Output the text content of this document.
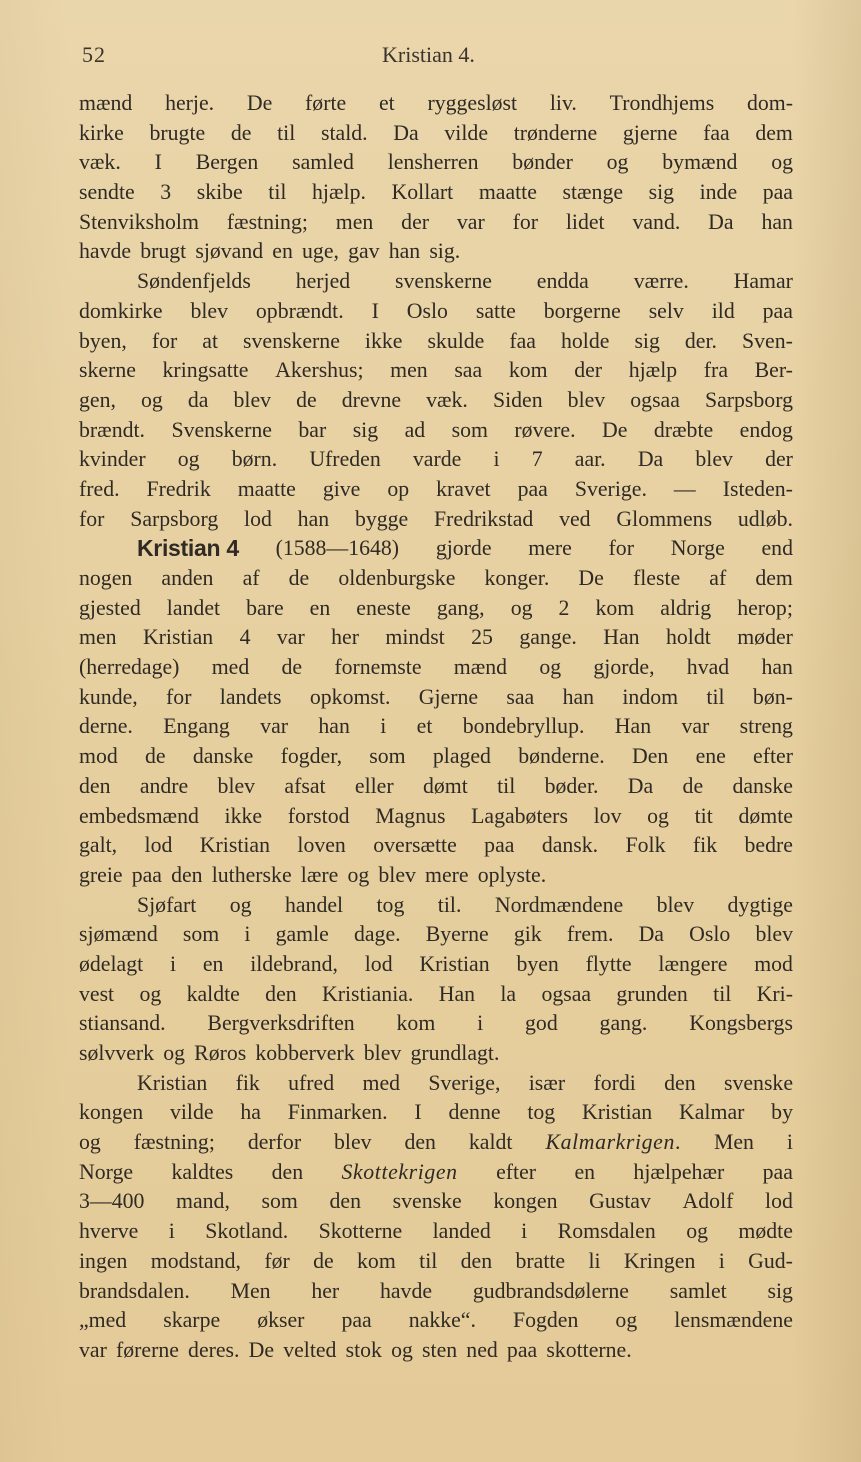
52	Kristian 4.
mænd herje. De førte et ryggesløst liv. Trondhjems dom-
kirke brugte de til stald. Da vilde trønderne gjerne faa dem
væk. I Bergen samled lensherren bønder og bymænd og
sendte 3 skibe til hjælp. Kollart maatte stænge sig inde paa
Stenviksholm fæstning; men der var for lidet vand. Da han
havde brugt sjøvand en uge, gav han sig.
Søndenfjelds herjed svenskerne endda værre. Hamar
domkirke blev opbrændt. I Oslo satte borgerne selv ild paa
byen, for at svenskerne ikke skulde faa holde sig der. Sven-
skerne kringsatte Akershus; men saa kom der hjælp fra Ber-
gen, og da blev de drevne væk. Siden blev ogsaa Sarpsborg
brændt. Svenskerne bar sig ad som røvere. De dræbte endog
kvinder og børn. Ufreden varde i 7 aar. Da blev der
fred. Fredrik maatte give op kravet paa Sverige. — Isteden-
for Sarpsborg lod han bygge Fredrikstad ved Glommens udløb.
Kristian 4 (1588—1648) gjorde mere for Norge end
nogen anden af de oldenburgske konger. De fleste af dem
gjested landet bare en eneste gang, og 2 kom aldrig herop;
men Kristian 4 var her mindst 25 gange. Han holdt møder
(herredage) med de fornemste mænd og gjorde, hvad han
kunde, for landets opkomst. Gjerne saa han indom til bøn-
derne. Engang var han i et bondebryllup. Han var streng
mod de danske fogder, som plaged bønderne. Den ene efter
den andre blev afsat eller dømt til bøder. Da de danske
embedsmænd ikke forstod Magnus Lagabøters lov og tit dømte
galt, lod Kristian loven oversætte paa dansk. Folk fik bedre
greie paa den lutherske lære og blev mere oplyste.
Sjøfart og handel tog til. Nordmændene blev dygtige
sjømænd som i gamle dage. Byerne gik frem. Da Oslo blev
ødelagt i en ildebrand, lod Kristian byen flytte længere mod
vest og kaldte den Kristiania. Han la ogsaa grunden til Kri-
stiansand. Bergverksdriften kom i god gang. Kongsbergs
sølvverk og Røros kobberverk blev grundlagt.
Kristian fik ufred med Sverige, især fordi den svenske
kongen vilde ha Finmarken. I denne tog Kristian Kalmar by
og fæstning; derfor blev den kaldt Kalmarkrigen. Men i
Norge kaldtes den Skottekrigen efter en hjælpehær paa
3—400 mand, som den svenske kongen Gustav Adolf lod
hverve i Skotland. Skotterne landed i Romsdalen og mødte
ingen modstand, før de kom til den bratte li Kringen i Gud-
brandsdalen. Men her havde gudbrandsdølerne samlet sig
„med skarpe økser paa nakke“. Fogden og lensmændene
var førerne deres. De velted stok og sten ned paa skotterne.
